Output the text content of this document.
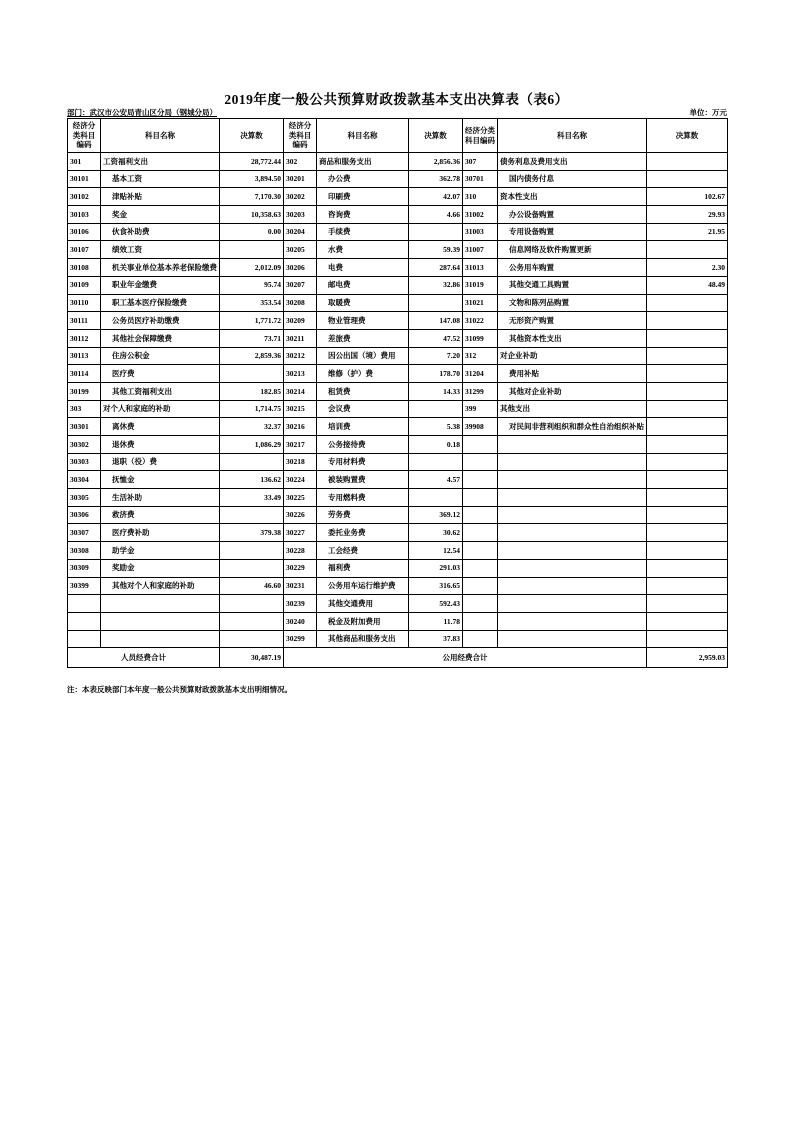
2019年度一般公共预算财政拨款基本支出决算表（表6）
部门：武汉市公安局青山区分局（钢城分局）	单位：万元
经济分类科目编码	科目名称	决算数	经济分类科目编码	科目名称	决算数	经济分类科目编码	科目名称	决算数
301	工资福利支出	28,772.44	302	商品和服务支出	2,856.36	307	债务利息及费用支出	
30101	基本工资	3,894.50	30201	办公费	362.78	30701	国内债务付息	
30102	津贴补贴	7,170.30	30202	印刷费	42.07	310	资本性支出	102.67
30103	奖金	10,358.63	30203	咨询费	4.66	31002	办公设备购置	29.93
30106	伙食补助费	0.00	30204	手续费		31003	专用设备购置	21.95
30107	绩效工资		30205	水费	59.39	31007	信息网络及软件购置更新	
30108	机关事业单位基本养老保险缴费	2,012.09	30206	电费	287.64	31013	公务用车购置	2.30
30109	职业年金缴费	95.74	30207	邮电费	32.86	31019	其他交通工具购置	48.49
30110	职工基本医疗保险缴费	353.54	30208	取暖费		31021	文物和陈列品购置	
30111	公务员医疗补助缴费	1,771.72	30209	物业管理费	147.08	31022	无形资产购置	
30112	其他社会保障缴费	73.71	30211	差旅费	47.52	31099	其他资本性支出	
30113	住房公积金	2,859.36	30212	因公出国（境）费用	7.20	312	对企业补助	
30114	医疗费		30213	维修（护）费	178.70	31204	费用补贴	
30199	其他工资福利支出	182.85	30214	租赁费	14.33	31299	其他对企业补助	
303	对个人和家庭的补助	1,714.75	30215	会议费		399	其他支出	
30301	离休费	32.37	30216	培训费	5.38	39908	对民间非营利组织和群众性自治组织补贴	
30302	退休费	1,086.29	30217	公务接待费	0.18			
30303	退职（役）费		30218	专用材料费				
30304	抚恤金	136.62	30224	被装购置费	4.57			
30305	生活补助	33.49	30225	专用燃料费				
30306	救济费		30226	劳务费	369.12			
30307	医疗费补助	379.38	30227	委托业务费	30.62			
30308	助学金		30228	工会经费	12.54			
30309	奖励金		30229	福利费	291.03			
30399	其他对个人和家庭的补助	46.60	30231	公务用车运行维护费	316.65			
			30239	其他交通费用	592.43			
			30240	税金及附加费用	11.78			
			30299	其他商品和服务支出	37.83			
人员经费合计		30,487.19	公用经费合计					2,959.03
注：本表反映部门本年度一般公共预算财政拨款基本支出明细情况。
